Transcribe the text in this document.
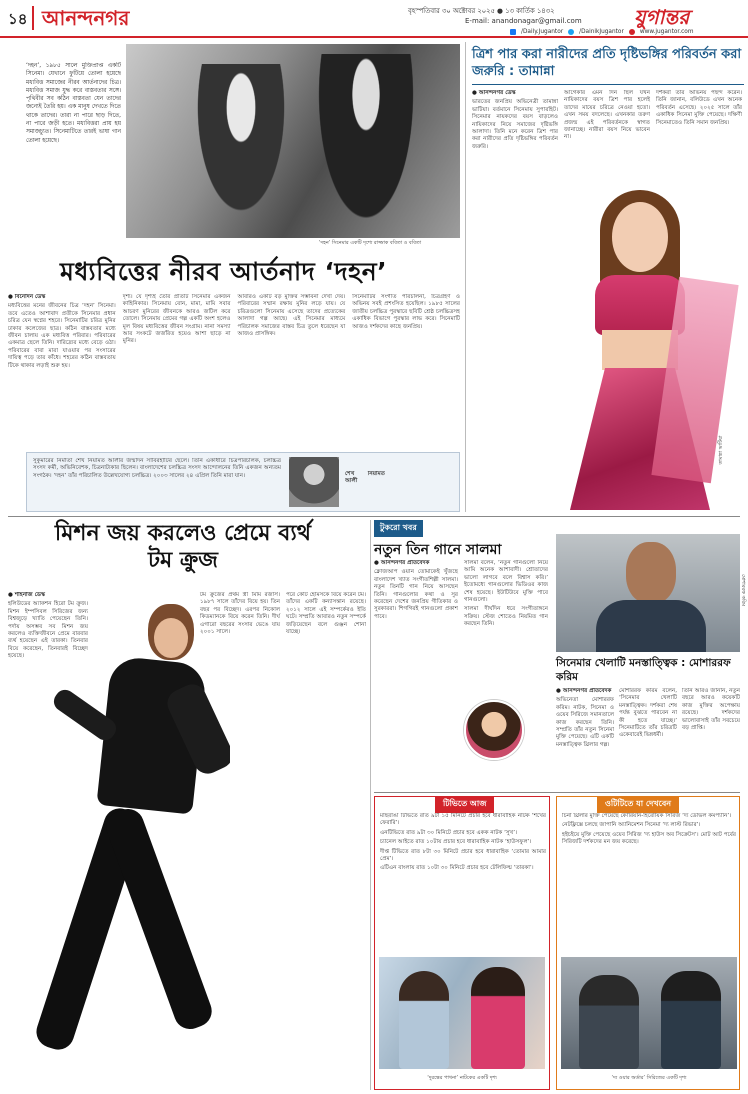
১৪ আনন্দনগর	বৃহস্পতিবার ৩০ অক্টোবর ২০২৫ ● ১৩ কার্তিক ১৪৩২
E-mail: anandonagar@gmail.com	যুগান্তর
/Daily.Jugantor	/DainikJugantor	www.jugantor.com
‘দহন’, ১৯৮৫ সালে মুক্তিপ্রাপ্ত একটি সিনেমা। যেখানে ফুটিয়ে তোলা হয়েছে মধ্যবিত্ত সমাজের নীরব আর্তনাদের চিত্র। মধ্যবিত্ত সমাজ যুদ্ধ করে বাস্তবতার সঙ্গে। পৃথিবীর সব কঠিন বাস্তবতা যেন তাদের জন্যেই তৈরি হয়। এক মানুষ দেখতে দিতে থাকে তাদের। তারা না পারে ছাড় দিতে, না পারে জড়ী হতে। মধ্যবিত্তরা প্রায় হয় সমাজচ্যুত। সিনেমাটিতে তারই ভাষা গান তোলা হয়েছে।
‘দহন’ সিনেমার একটি দৃশ্যে রাজ্জাক ববিতা ও ববিতা
মধ্যবিত্তের নীরব আর্তনাদ ‘দহন’

● বিনোদন ডেস্ক

মধ্যবিত্তের মনের জীবনের চিত্র ‘দহন’ সিনেমা। তবে এতেও আশাবাদ প্রতীকে সিনেমার প্রধান চরিত্র যেন স্বপ্নের শহরে। সিনেমাটির চরিত্র মুনির ঢাকার কলেজের ছাত্র। কঠিন বাস্তবতার মধ্যে জীবন চালায় এক মধ্যবিত্ত পরিবার। পরিবারের একমাত্র ছেলে তিনি। দারিদ্র্যের মধ্যে বেড়ে ওঠা। পরিবারের বাবা মারা যাওয়ার পর সংসারের দায়িত্ব পড়ে তার কাঁধে। শহরের কঠিন বাস্তবতায় টিকে থাকার লড়াই শুরু হয়।

দৃশ্য। যে দৃশ্যই তৈরি প্রতিটি সিনেমার একজন কাহিনিকার। সিনেমায় বোন, মামা, মামি সবার আচরণ মুনিরের জীবনকে আরও জটিল করে তোলে। সিনেমায় প্রেমের গল্প একটি অংশ হলেও মূল বিষয় মধ্যবিত্তের জীবন সংগ্রাম। নানা সমস্যা আর সংকটে জর্জরিত হয়েও আশা ছাড়ে না মুনির।

আবারও একটি বড় মুক্তির সম্ভাবনা দেখা দেয়। পরিবারের সম্মান রক্ষায় মুনির লড়ে যায়। যে চরিত্রগুলো সিনেমায় এসেছে তাদের প্রত্যেকের আলাদা গল্প আছে। এই সিনেমার মাধ্যমে পরিচালক সমাজের বাস্তব চিত্র তুলে ধরেছেন যা আজও প্রাসঙ্গিক।

সিনেমাটির সংগীত পরিচালনা, চিত্রগ্রহণ ও অভিনয় সবই প্রশংসিত হয়েছিল। ১৯৮৫ সালের জাতীয় চলচ্চিত্র পুরস্কারে ছবিটি শ্রেষ্ঠ চলচ্চিত্রসহ একাধিক বিভাগে পুরস্কার লাভ করে। সিনেমাটি আজও দর্শকদের কাছে জনপ্রিয়।

সুকুমারের নির্মাতা শেখ নিয়ামত আলীর জন্মদিন সাবিরহাটির ছেলে। তিনি একাধারে চিত্রপরিচালক, চলচ্চিত্র সংসদ কর্মী, অভিনিবেশক, চিত্রনাট্যকার ছিলেন। বাংলাদেশের চলচ্চিত্র সংসদ আন্দোলনের তিনি একজন অন্যতম সংগঠক। ‘দহন’ তাঁর পরিচালিত উল্লেখযোগ্য চলচ্চিত্র। ২০০৩ সালের ২৪ এপ্রিল তিনি মারা যান।	শেখ নিয়ামত আলী
ত্রিশ পার করা নারীদের প্রতি দৃষ্টিভঙ্গির পরিবর্তন করা জরুরি : তামান্না

● আনন্দনগর ডেস্ক

ভারতের জনপ্রিয় অভিনেত্রী তামান্না ভাটিয়া। বর্তমানে সিনেমায় সুপারহিট। সিনেমার নায়কদের বয়স বাড়লেও নায়িকাদের নিয়ে সমাজের দৃষ্টিভঙ্গি আলাদা। তিনি মনে করেন ত্রিশ পার করা নারীদের প্রতি দৃষ্টিভঙ্গির পরিবর্তন জরুরি।

আগেকার এমন দিন ছিল যখন নায়িকাদের বয়স ত্রিশ পার হলেই তাদের মায়ের চরিত্রে নেওয়া হতো। এখন সময় বদলেছে। এখনকার তরুণ প্রজন্ম এই পরিবর্তনকে স্বাগত জানাচ্ছে। নারীরা বয়স নিয়ে ভাবেন না।

দর্শকরা তার অভিনয় পছন্দ করেন। তিনি জানান, বলিউডে এখন অনেক পরিবর্তন এসেছে। ২০২৫ সালে তাঁর একাধিক সিনেমা মুক্তি পেয়েছে। দক্ষিণী সিনেমাতেও তিনি সমান জনপ্রিয়।

তামান্না ভাটিয়া
মিশন জয় করলেও প্রেমে ব্যর্থ টম ক্রুজ

● শাহনাজ ডেস্ক

হলিউডের অ্যাকশন হিরো টম ক্রুজ। মিশন ইম্পসিবল সিরিজের জন্য বিশ্বজুড়ে খ্যাতি পেয়েছেন তিনি। পর্দায় অসম্ভব সব মিশন জয় করলেও ব্যক্তিজীবনে প্রেমে বারবার ব্যর্থ হয়েছেন এই তারকা। তিনবার বিয়ে করেছেন, তিনবারই বিচ্ছেদ হয়েছে।

টম ক্রুজের প্রথম স্ত্রী মিমি রজার্স। ১৯৮৭ সালে তাঁদের বিয়ে হয়। তিন বছর পর বিচ্ছেদ। এরপর নিকোল কিডম্যানকে বিয়ে করেন তিনি। দীর্ঘ এগারো বছরের সংসার ভেঙে যায় ২০০১ সালে।

পরে কেটি হোমসকে বিয়ে করেন টম। তাঁদের একটি কন্যাসন্তান রয়েছে। ২০১২ সালে এই সম্পর্কেরও ইতি ঘটে। সম্প্রতি আবারও নতুন সম্পর্কে জড়িয়েছেন বলে গুঞ্জন শোনা যাচ্ছে।

টুকরো খবর
নতুন তিন গানে সালমা

● আনন্দনগর প্রতিবেদক

ক্লোজআপ ওয়ান তোমাকেই খুঁজছে বাংলাদেশ খ্যাত সংগীতশিল্পী সালমা। নতুন তিনটি গান নিয়ে আসছেন তিনি। গানগুলোর কথা ও সুর করেছেন দেশের জনপ্রিয় গীতিকার ও সুরকাররা। শিগগিরই গানগুলো প্রকাশ পাবে।

সালমা বলেন, ‘নতুন গানগুলো নিয়ে আমি অনেক আশাবাদী। শ্রোতাদের ভালো লাগবে বলে বিশ্বাস করি।’ ইতোমধ্যে গানগুলোর ভিডিওর কাজ শেষ হয়েছে। ইউটিউবে মুক্তি পাবে গানগুলো।

সালমা দীর্ঘদিন ধরে সংগীতাঙ্গনে সক্রিয়। স্টেজ শোতেও নিয়মিত গান করছেন তিনি।

মোশাররফ করিম
সিনেমার খেলাটি মনস্তাত্ত্বিক : মোশাররফ করিম

● আনন্দনগর প্রতিবেদক

অভিনেতা মোশাররফ করিম। নাটক, সিনেমা ও ওয়েব সিরিজে সমানতালে কাজ করছেন তিনি। সম্প্রতি তাঁর নতুন সিনেমা মুক্তি পেয়েছে। এটি একটি মনস্তাত্ত্বিক থ্রিলার গল্প।

মোশাররফ করিম বলেন, ‘সিনেমার খেলাটি মনস্তাত্ত্বিক। দর্শকরা শেষ পর্যন্ত বুঝতে পারবেন না কী হতে যাচ্ছে।’ সিনেমাটিতে তাঁর চরিত্রটি একেবারেই ভিন্নধর্মী।

তিনি আরও জানান, নতুন বছরে আরও কয়েকটি কাজ মুক্তির অপেক্ষায় রয়েছে। দর্শকদের ভালোবাসাই তাঁর সবচেয়ে বড় প্রাপ্তি।

টিভিতে আজ

মাছরাঙা টিভিতে রাত ৯টা ১৫ মিনিটে প্রচার হবে ধারাবাহিক নাটক ‘শখের ফেরারি’।

এনটিভিতে রাত ৯টা ৩০ মিনিটে প্রচার হবে একক নাটক ‘সুখ’।

চ্যানেল আইতে রাত ১০টায় প্রচার হবে ধারাবাহিক নাটক ‘হাউসফুল’।

দীপ্ত টিভিতে রাত ৮টা ৩০ মিনিটে প্রচার হবে ধারাবাহিক ‘তোমার আমার প্রেম’।

এটিএন বাংলায় রাত ১০টা ৩০ মিনিটে প্রচার হবে টেলিফিল্ম ‘তারকা’।

‘দুরন্তের পাখনা’ নাটকের একটি দৃশ্য
ওটিটিতে যা দেখবেন

চিনা থ্রিলার মুক্তি পেয়েছে কোরিয়ান-হিরোয়িক সিরিজ ‘দ্য ডেভিল কমপ্যানি’।

নেটফ্লিক্সে চলছে জাপানি অ্যানিমেশন সিনেমা ‘দ্য লাস্ট রিভার’।

হইচইয়ে মুক্তি পেয়েছে ওয়েব সিরিজ ‘দ্য হাউস অব সিক্রেটস’। মোট আট পর্বের সিরিজটি দর্শকদের মন জয় করেছে।

‘দ্য ওয়ার অর্ডার’ সিরিজের একটি দৃশ্য
